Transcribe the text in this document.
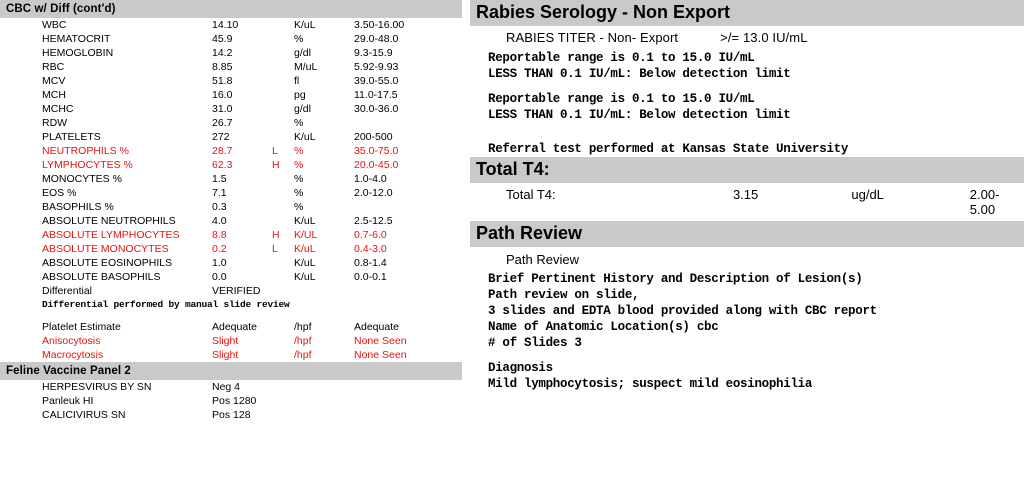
CBC w/ Diff (cont'd)
WBC	14.10		K/uL	3.50-16.00
HEMATOCRIT	45.9		%	29.0-48.0
HEMOGLOBIN	14.2		g/dl	9.3-15.9
RBC	8.85		M/uL	5.92-9.93
MCV	51.8		fl	39.0-55.0
MCH	16.0		pg	11.0-17.5
MCHC	31.0		g/dl	30.0-36.0
RDW	26.7		%	
PLATELETS	272		K/uL	200-500
NEUTROPHILS %	28.7	L	%	35.0-75.0
LYMPHOCYTES %	62.3	H	%	20.0-45.0
MONOCYTES %	1.5		%	1.0-4.0
EOS %	7.1		%	2.0-12.0
BASOPHILS %	0.3		%	
ABSOLUTE NEUTROPHILS	4.0		K/uL	2.5-12.5
ABSOLUTE LYMPHOCYTES	8.8	H	K/UL	0.7-6.0
ABSOLUTE MONOCYTES	0.2	L	K/uL	0.4-3.0
ABSOLUTE EOSINOPHILS	1.0		K/uL	0.8-1.4
ABSOLUTE BASOPHILS	0.0		K/uL	0.0-0.1
Differential	VERIFIED			
Differential performed by manual slide review				

Platelet Estimate	Adequate		/hpf	Adequate
Anisocytosis	Slight		/hpf	None Seen
Macrocytosis	Slight		/hpf	None Seen
Feline Vaccine Panel 2
HERPESVIRUS BY SN	Neg 4			
Panleuk HI	Pos 1280			
CALICIVIRUS SN	Pos 128			
Rabies Serology - Non Export
RABIES TITER - Non- Export	>/= 13.0 IU/mL
Reportable range is 0.1 to 15.0 IU/mL
LESS THAN 0.1 IU/mL: Below detection limit
Reportable range is 0.1 to 15.0 IU/mL
LESS THAN 0.1 IU/mL: Below detection limit
Referral test performed at Kansas State University
Total T4:
Total T4:	3.15	ug/dL	2.00-5.00
Path Review
Path Review
Brief Pertinent History and Description of Lesion(s)
Path review on slide,
3 slides and EDTA blood provided along with CBC report
Name of Anatomic Location(s) cbc
# of Slides 3
Diagnosis
Mild lymphocytosis; suspect mild eosinophilia
